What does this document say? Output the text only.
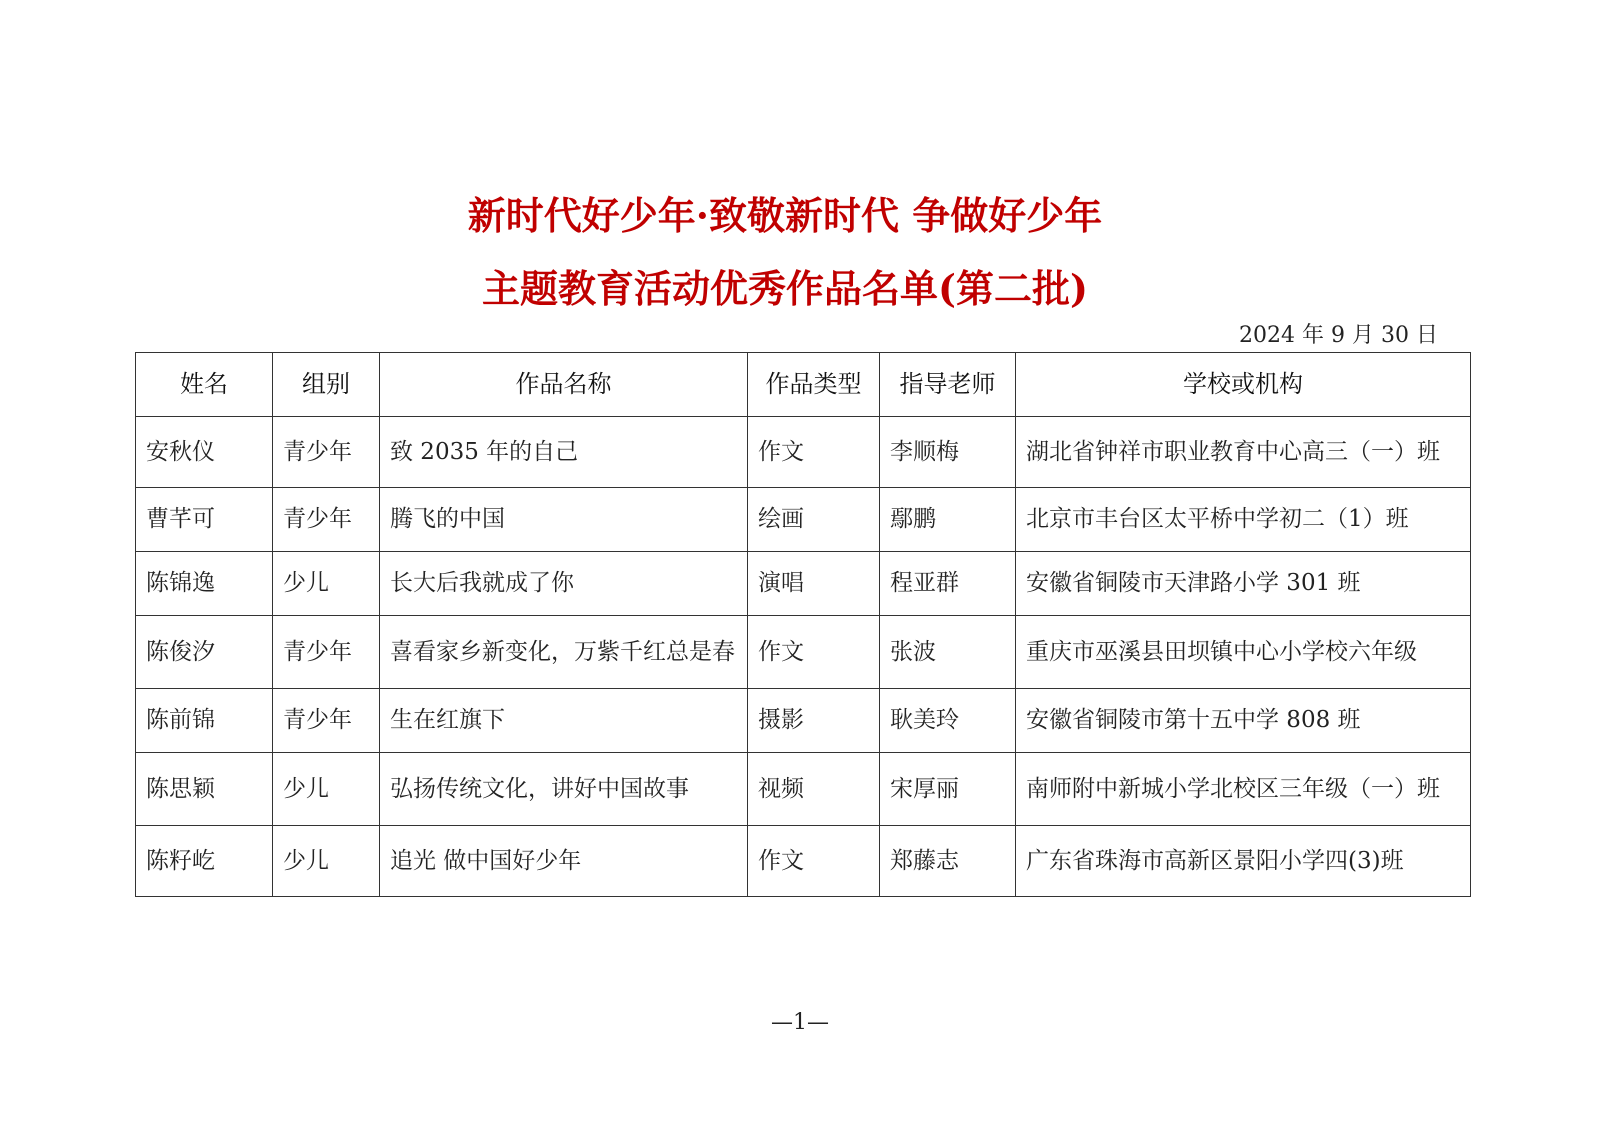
新时代好少年·致敬新时代 争做好少年
主题教育活动优秀作品名单(第二批)
2024 年 9 月 30 日
姓名	组别	作品名称	作品类型	指导老师	学校或机构
安秋仪	青少年	致 2035 年的自己	作文	李顺梅	湖北省钟祥市职业教育中心高三（一）班
曹芊可	青少年	腾飞的中国	绘画	鄢鹏	北京市丰台区太平桥中学初二（1）班
陈锦逸	少儿	长大后我就成了你	演唱	程亚群	安徽省铜陵市天津路小学 301 班
陈俊汐	青少年	喜看家乡新变化，万紫千红总是春	作文	张波	重庆市巫溪县田坝镇中心小学校六年级
陈前锦	青少年	生在红旗下	摄影	耿美玲	安徽省铜陵市第十五中学 808 班
陈思颖	少儿	弘扬传统文化，讲好中国故事	视频	宋厚丽	南师附中新城小学北校区三年级（一）班
陈籽屹	少儿	追光 做中国好少年	作文	郑藤志	广东省珠海市高新区景阳小学四(3)班
—1—
